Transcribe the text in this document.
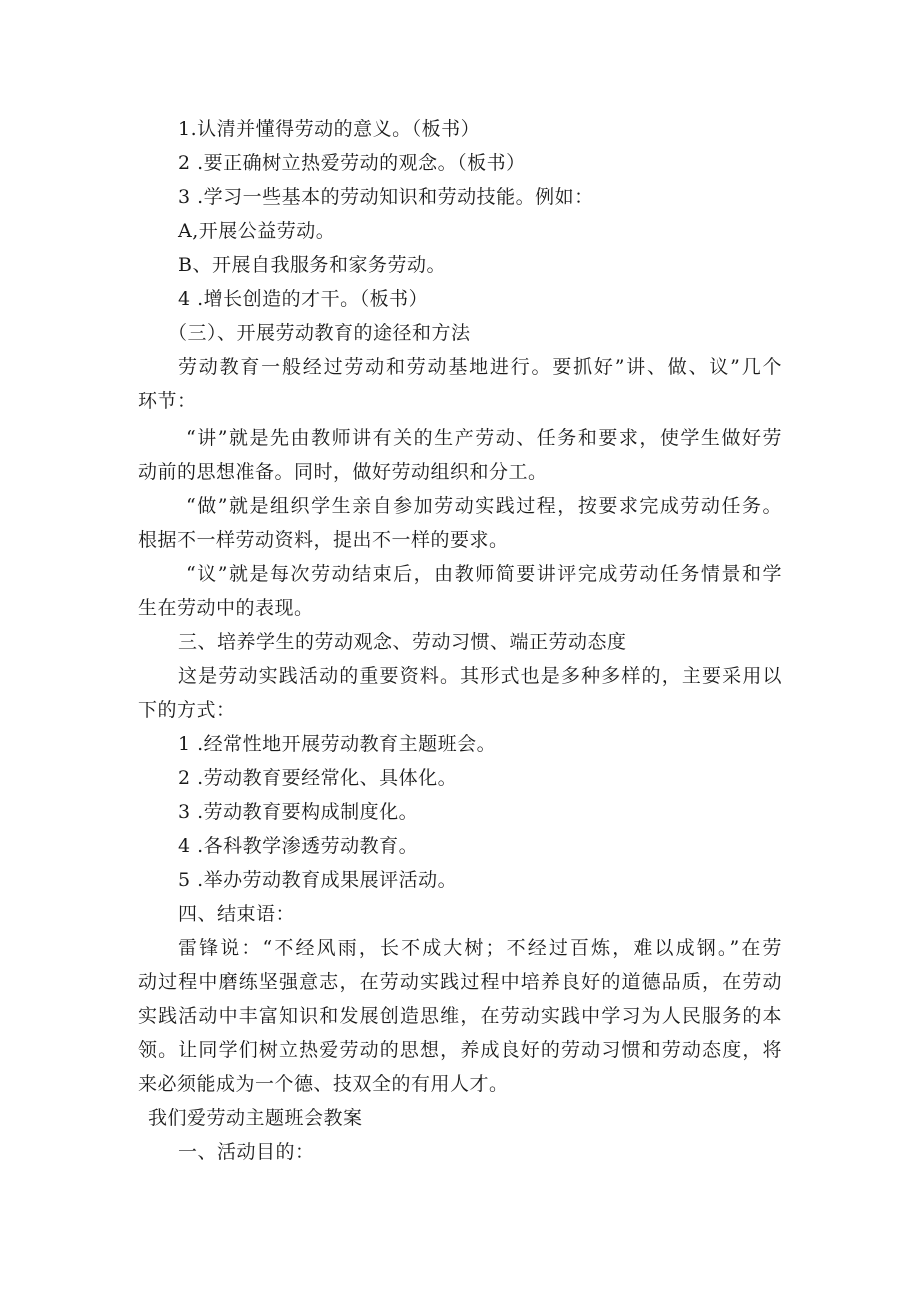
1.认清并懂得劳动的意义。（板书）
2 .要正确树立热爱劳动的观念。（板书）
3 .学习一些基本的劳动知识和劳动技能。例如：
A,开展公益劳动。
B、开展自我服务和家务劳动。
4 .增长创造的才干。（板书）
（三）、开展劳动教育的途径和方法
劳动教育一般经过劳动和劳动基地进行。要抓好”讲、做、议”几个
环节：
“讲”就是先由教师讲有关的生产劳动、任务和要求，使学生做好劳
动前的思想准备。同时，做好劳动组织和分工。
“做”就是组织学生亲自参加劳动实践过程，按要求完成劳动任务。
根据不一样劳动资料，提出不一样的要求。
“议”就是每次劳动结束后，由教师简要讲评完成劳动任务情景和学
生在劳动中的表现。
三、培养学生的劳动观念、劳动习惯、端正劳动态度
这是劳动实践活动的重要资料。其形式也是多种多样的，主要采用以
下的方式：
1 .经常性地开展劳动教育主题班会。
2 .劳动教育要经常化、具体化。
3 .劳动教育要构成制度化。
4 .各科教学渗透劳动教育。
5 .举办劳动教育成果展评活动。
四、结束语：
雷锋说：“不经风雨，长不成大树；不经过百炼，难以成钢。”在劳
动过程中磨练坚强意志，在劳动实践过程中培养良好的道德品质，在劳动
实践活动中丰富知识和发展创造思维，在劳动实践中学习为人民服务的本
领。让同学们树立热爱劳动的思想，养成良好的劳动习惯和劳动态度，将
来必须能成为一个德、技双全的有用人才。
我们爱劳动主题班会教案
一、活动目的：
